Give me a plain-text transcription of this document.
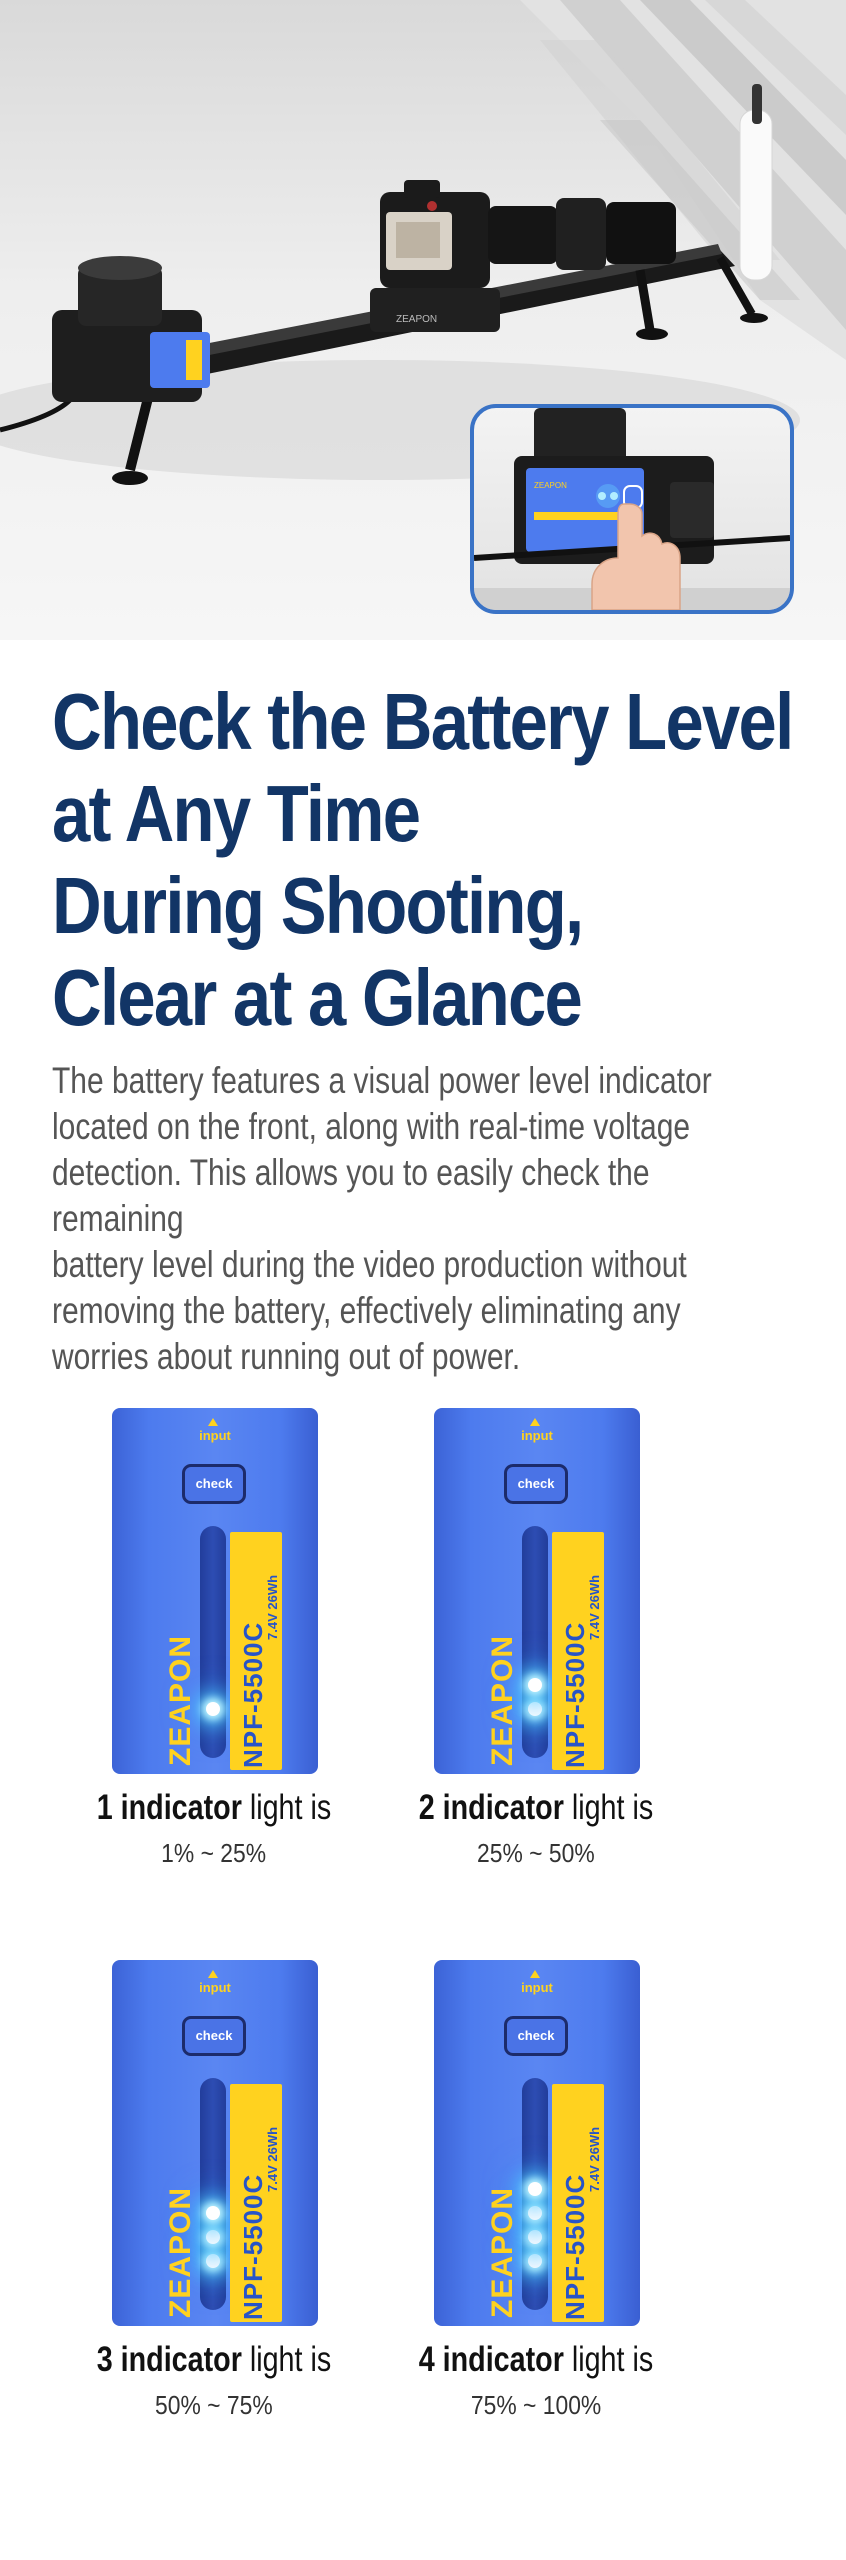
ZEAPON
ZEAPON
Check the Battery Level
at Any Time
During Shooting,
Clear at a Glance
The battery features a visual power level indicator
located on the front, along with real-time voltage
detection. This allows you to easily check the remaining
battery level during the video production without
removing the battery, effectively eliminating any
worries about running out of power.
input
check
NPF-5500C
7.4V 26Wh
ZEAPON
1 indicator light is
1% ~ 25%
input
check
NPF-5500C
7.4V 26Wh
ZEAPON
2 indicator light is
25% ~ 50%
input
check
NPF-5500C
7.4V 26Wh
ZEAPON
3 indicator light is
50% ~ 75%
input
check
NPF-5500C
7.4V 26Wh
ZEAPON
4 indicator light is
75% ~ 100%
